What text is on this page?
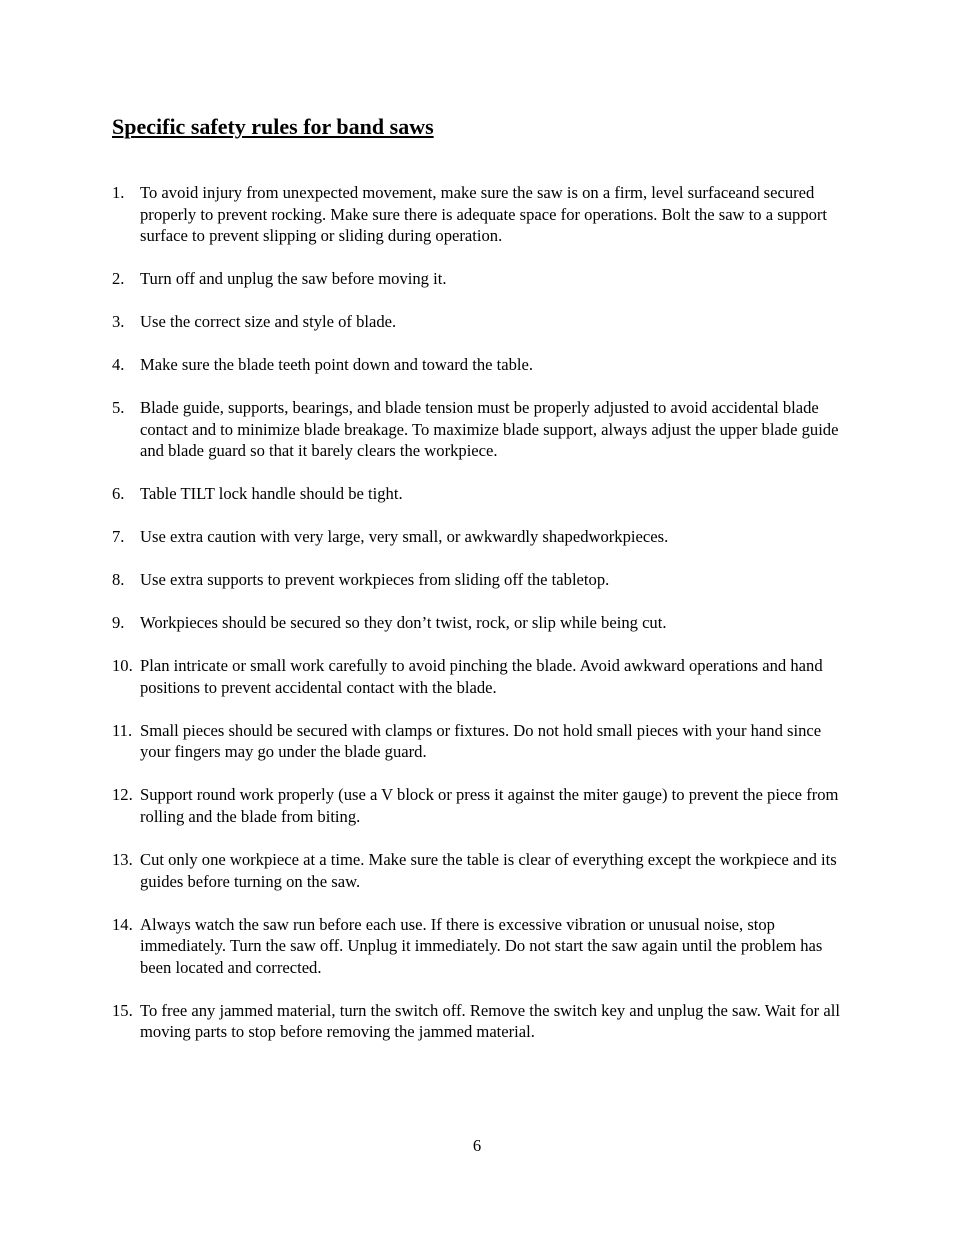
Specific safety rules for band saws
1. To avoid injury from unexpected movement, make sure the saw is on a firm, level surfaceand secured properly to prevent rocking. Make sure there is adequate space for operations. Bolt the saw to a support surface to prevent slipping or sliding during operation.
2. Turn off and unplug the saw before moving it.
3. Use the correct size and style of blade.
4. Make sure the blade teeth point down and toward the table.
5. Blade guide, supports, bearings, and blade tension must be properly adjusted to avoid accidental blade contact and to minimize blade breakage. To maximize blade support, always adjust the upper blade guide and blade guard so that it barely clears the workpiece.
6. Table TILT lock handle should be tight.
7. Use extra caution with very large, very small, or awkwardly shapedworkpieces.
8. Use extra supports to prevent workpieces from sliding off the tabletop.
9. Workpieces should be secured so they don’t twist, rock, or slip while being cut.
10. Plan intricate or small work carefully to avoid pinching the blade. Avoid awkward operations and hand positions to prevent accidental contact with the blade.
11. Small pieces should be secured with clamps or fixtures. Do not hold small pieces with your hand since your fingers may go under the blade guard.
12. Support round work properly (use a V block or press it against the miter gauge) to prevent the piece from rolling and the blade from biting.
13. Cut only one workpiece at a time. Make sure the table is clear of everything except the workpiece and its guides before turning on the saw.
14. Always watch the saw run before each use. If there is excessive vibration or unusual noise, stop immediately. Turn the saw off. Unplug it immediately. Do not start the saw again until the problem has been located and corrected.
15. To free any jammed material, turn the switch off. Remove the switch key and unplug the saw. Wait for all moving parts to stop before removing the jammed material.
6
